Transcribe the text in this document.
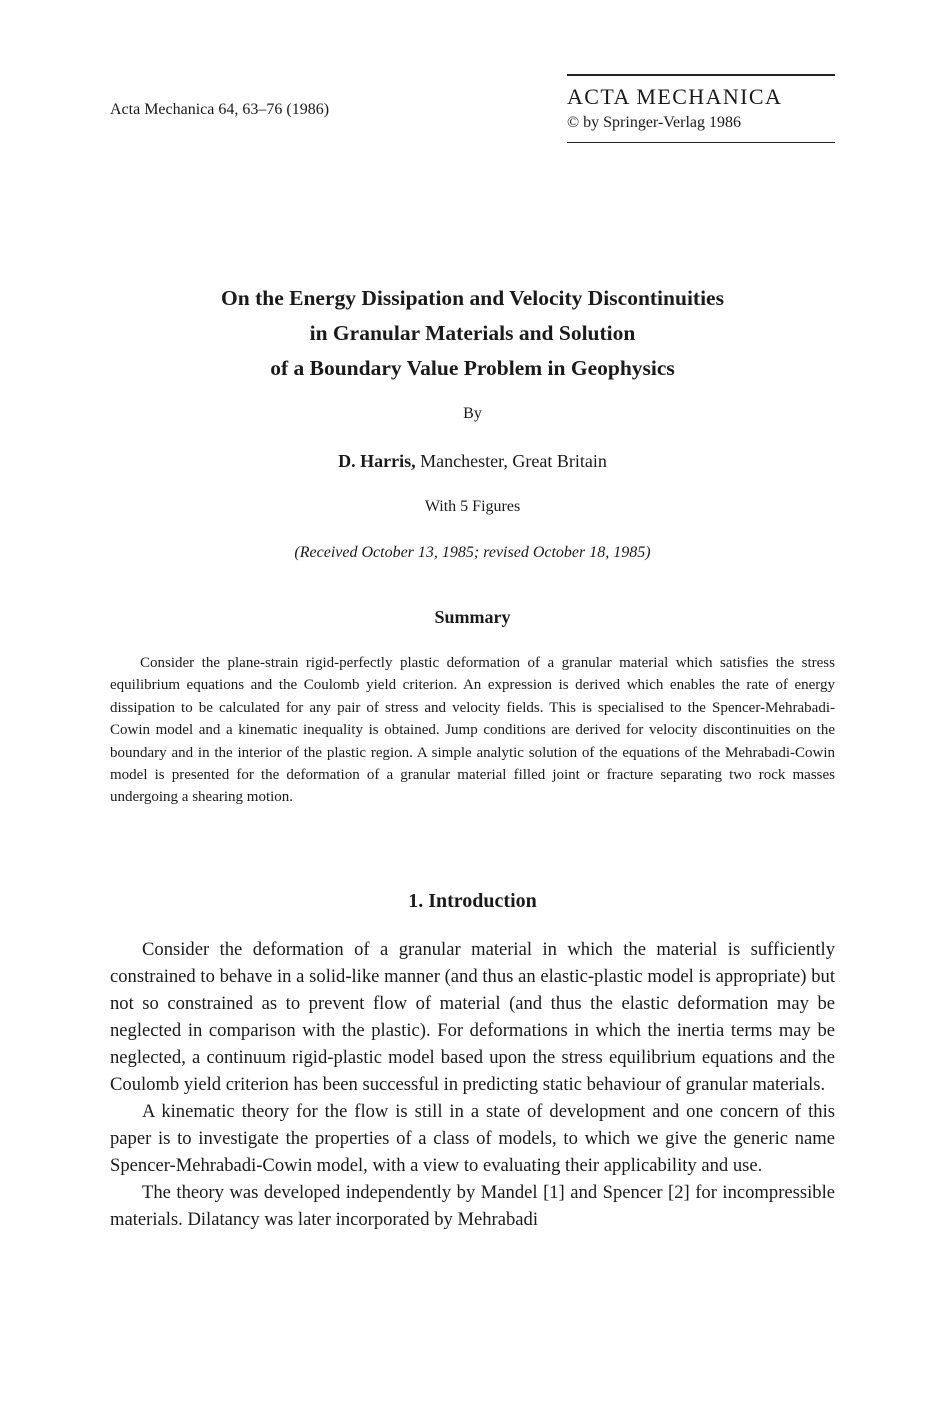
Acta Mechanica 64, 63–76 (1986)
ACTA MECHANICA
© by Springer-Verlag 1986
On the Energy Dissipation and Velocity Discontinuities
in Granular Materials and Solution
of a Boundary Value Problem in Geophysics
By
D. Harris, Manchester, Great Britain
With 5 Figures
(Received October 13, 1985; revised October 18, 1985)
Summary
Consider the plane-strain rigid-perfectly plastic deformation of a granular material which satisfies the stress equilibrium equations and the Coulomb yield criterion. An expression is derived which enables the rate of energy dissipation to be calculated for any pair of stress and velocity fields. This is specialised to the Spencer-Mehrabadi-Cowin model and a kinematic inequality is obtained. Jump conditions are derived for velocity discontinuities on the boundary and in the interior of the plastic region. A simple analytic solution of the equations of the Mehrabadi-Cowin model is presented for the deformation of a granular material filled joint or fracture separating two rock masses undergoing a shearing motion.
1. Introduction

Consider the deformation of a granular material in which the material is sufficiently constrained to behave in a solid-like manner (and thus an elastic-plastic model is appropriate) but not so constrained as to prevent flow of material (and thus the elastic deformation may be neglected in comparison with the plastic). For deformations in which the inertia terms may be neglected, a continuum rigid-plastic model based upon the stress equilibrium equations and the Coulomb yield criterion has been successful in predicting static behaviour of granular materials.

A kinematic theory for the flow is still in a state of development and one concern of this paper is to investigate the properties of a class of models, to which we give the generic name Spencer-Mehrabadi-Cowin model, with a view to evaluating their applicability and use.

The theory was developed independently by Mandel [1] and Spencer [2] for incompressible materials. Dilatancy was later incorporated by Mehrabadi
